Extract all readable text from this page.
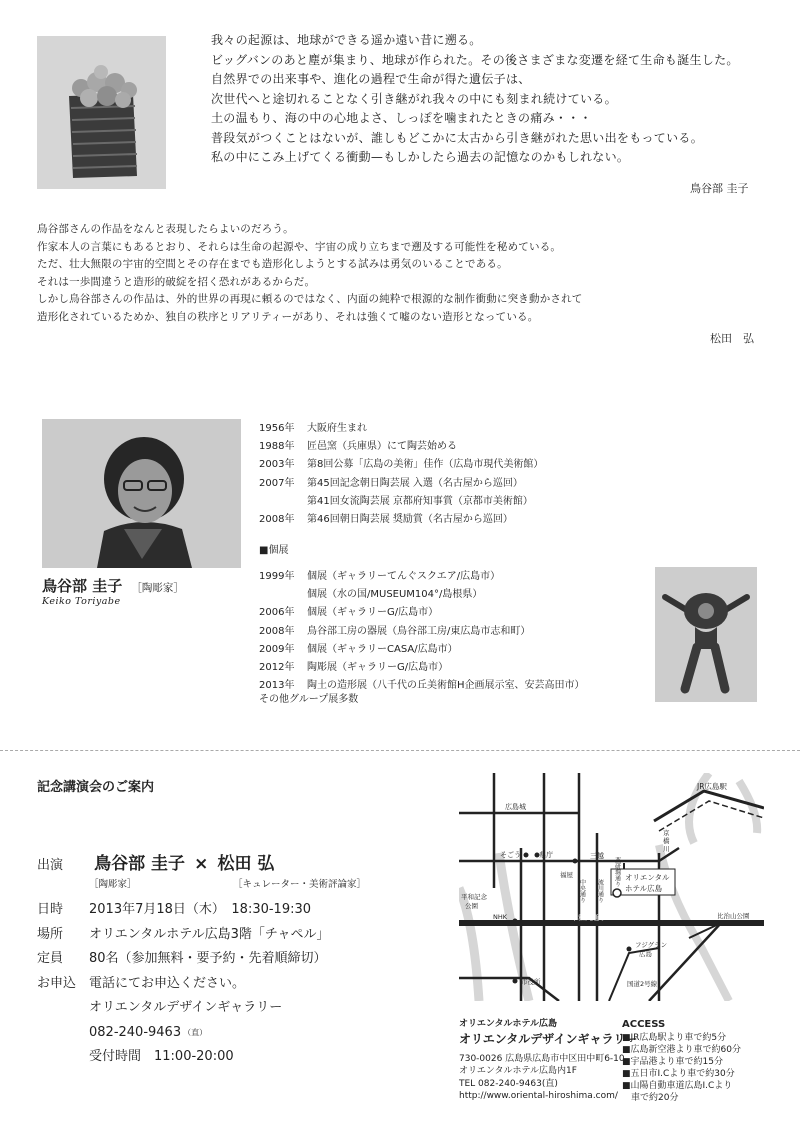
我々の起源は、地球ができる遥か遠い昔に遡る。

ビッグバンのあと塵が集まり、地球が作られた。その後さまざまな変遷を経て生命も誕生した。

自然界での出来事や、進化の過程で生命が得た遺伝子は、

次世代へと途切れることなく引き継がれ我々の中にも刻まれ続けている。

土の温もり、海の中の心地よさ、しっぽを噛まれたときの痛み・・・

普段気がつくことはないが、誰しもどこかに太古から引き継がれた思い出をもっている。

私の中にこみ上げてくる衝動—もしかしたら過去の記憶なのかもしれない。

鳥谷部 圭子

鳥谷部さんの作品をなんと表現したらよいのだろう。

作家本人の言葉にもあるとおり、それらは生命の起源や、宇宙の成り立ちまで遡及する可能性を秘めている。

ただ、壮大無限の宇宙的空間とその存在までも造形化しようとする試みは勇気のいることである。

それは一歩間違うと造形的破綻を招く恐れがあるからだ。

しかし鳥谷部さんの作品は、外的世界の再現に頼るのではなく、内面の純粋で根源的な制作衝動に突き動かされて

造形化されているためか、独自の秩序とリアリティーがあり、それは強くて嘘のない造形となっている。

松田　弘
鳥谷部 圭子 ［陶彫家］
Keiko Toriyabe
1956年	大阪府生まれ
1988年	匠邑窯（兵庫県）にて陶芸始める
2003年	第8回公募「広島の美術」佳作（広島市現代美術館）
2007年	第45回記念朝日陶芸展 入選（名古屋から巡回）
第41回女流陶芸展 京都府知事賞（京都市美術館）
2008年	第46回朝日陶芸展 奨励賞（名古屋から巡回）
■個展
1999年	個展（ギャラリーてんぐスクエア/広島市）
個展（水の国/MUSEUM104°/島根県）
2006年	個展（ギャラリーG/広島市）
2008年	鳥谷部工房の器展（鳥谷部工房/東広島市志和町）
2009年	個展（ギャラリーCASA/広島市）
2012年	陶彫展（ギャラリーG/広島市）
2013年	陶土の造形展（八千代の丘美術館H企画展示室、安芸高田市）
その他グループ展多数
記念講演会のご案内
出演 鳥谷部 圭子 × 松田 弘
［陶彫家］	［キュレーター・美術評論家］
日時	2013年7月18日（木）　18:30-19:30
場所	オリエンタルホテル広島3階「チャペル」
定員	80名（参加無料・要予約・先着順締切）
お申込 電話にてお申込ください。
オリエンタルデザインギャラリー
082-240-9463 （直）
受付時間　11:00-20:00
JR広島駅
広島城
そごう	県庁	三越
福屋
京
橋
川
中央通り 流川通り
薬研堀通り オリエンタル
ホテル広島
平和記念
公園
NHK	平和大通り	比治山公園
フジグラン
広島
市役所	国道2号線

オリエンタルホテル広島

オリエンタルデザインギャラリー

730-0026 広島県広島市中区田中町6-10

オリエンタルホテル広島内1F

TEL 082-240-9463(直)

http://www.oriental-hiroshima.com/

ACCESS

■JR広島駅より車で約5分

■広島新空港より車で約60分

■宇品港より車で約15分

■五日市I.Cより車で約30分

■山陽自動車道広島I.Cより

　車で約20分
